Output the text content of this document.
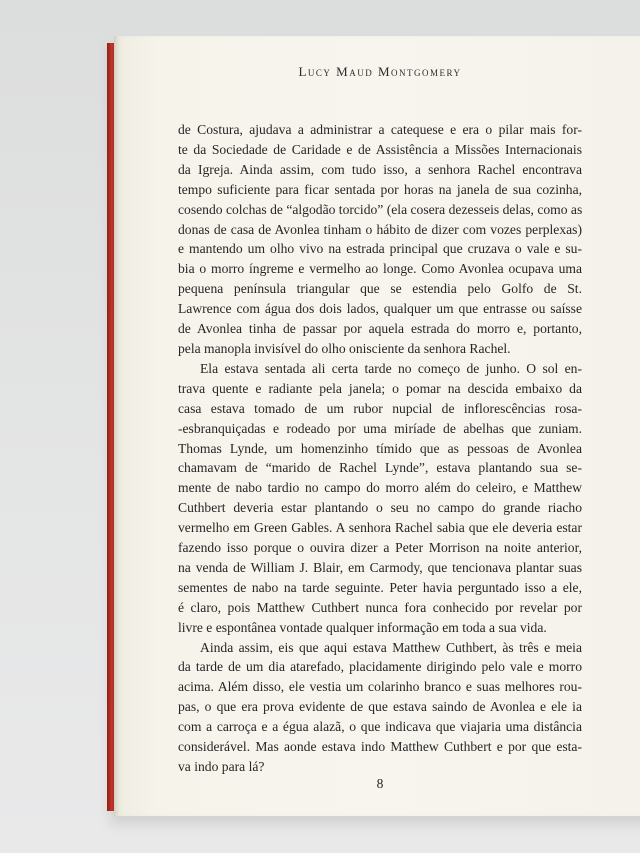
Lucy Maud Montgomery
de Costura, ajudava a administrar a catequese e era o pilar mais for-
te da Sociedade de Caridade e de Assistência a Missões Internacionais
da Igreja. Ainda assim, com tudo isso, a senhora Rachel encontrava
tempo suficiente para ficar sentada por horas na janela de sua cozinha,
cosendo colchas de “algodão torcido” (ela cosera dezesseis delas, como as
donas de casa de Avonlea tinham o hábito de dizer com vozes perplexas)
e mantendo um olho vivo na estrada principal que cruzava o vale e su-
bia o morro íngreme e vermelho ao longe. Como Avonlea ocupava uma
pequena península triangular que se estendia pelo Golfo de St.
Lawrence com água dos dois lados, qualquer um que entrasse ou saísse
de Avonlea tinha de passar por aquela estrada do morro e, portanto,
pela manopla invisível do olho onisciente da senhora Rachel.
Ela estava sentada ali certa tarde no começo de junho. O sol en-
trava quente e radiante pela janela; o pomar na descida embaixo da
casa estava tomado de um rubor nupcial de inflorescências rosa-
-esbranquiçadas e rodeado por uma miríade de abelhas que zuniam.
Thomas Lynde, um homenzinho tímido que as pessoas de Avonlea
chamavam de “marido de Rachel Lynde”, estava plantando sua se-
mente de nabo tardio no campo do morro além do celeiro, e Matthew
Cuthbert deveria estar plantando o seu no campo do grande riacho
vermelho em Green Gables. A senhora Rachel sabia que ele deveria estar
fazendo isso porque o ouvira dizer a Peter Morrison na noite anterior,
na venda de William J. Blair, em Carmody, que tencionava plantar suas
sementes de nabo na tarde seguinte. Peter havia perguntado isso a ele,
é claro, pois Matthew Cuthbert nunca fora conhecido por revelar por
livre e espontânea vontade qualquer informação em toda a sua vida.
Ainda assim, eis que aqui estava Matthew Cuthbert, às três e meia
da tarde de um dia atarefado, placidamente dirigindo pelo vale e morro
acima. Além disso, ele vestia um colarinho branco e suas melhores rou-
pas, o que era prova evidente de que estava saindo de Avonlea e ele ia
com a carroça e a égua alazã, o que indicava que viajaria uma distância
considerável. Mas aonde estava indo Matthew Cuthbert e por que esta-
va indo para lá?
8
